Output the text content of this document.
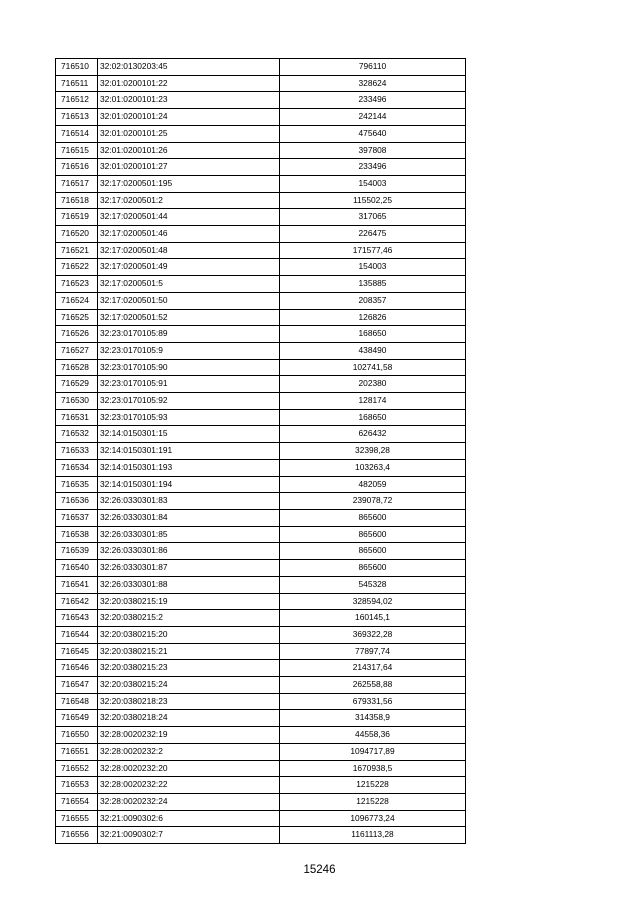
716510	32:02:0130203:45	796110
716511	32:01:0200101:22	328624
716512	32:01:0200101:23	233496
716513	32:01:0200101:24	242144
716514	32:01:0200101:25	475640
716515	32:01:0200101:26	397808
716516	32:01:0200101:27	233496
716517	32:17:0200501:195	154003
716518	32:17:0200501:2	115502,25
716519	32:17:0200501:44	317065
716520	32:17:0200501:46	226475
716521	32:17:0200501:48	171577,46
716522	32:17:0200501:49	154003
716523	32:17:0200501:5	135885
716524	32:17:0200501:50	208357
716525	32:17:0200501:52	126826
716526	32:23:0170105:89	168650
716527	32:23:0170105:9	438490
716528	32:23:0170105:90	102741,58
716529	32:23:0170105:91	202380
716530	32:23:0170105:92	128174
716531	32:23:0170105:93	168650
716532	32:14:0150301:15	626432
716533	32:14:0150301:191	32398,28
716534	32:14:0150301:193	103263,4
716535	32:14:0150301:194	482059
716536	32:26:0330301:83	239078,72
716537	32:26:0330301:84	865600
716538	32:26:0330301:85	865600
716539	32:26:0330301:86	865600
716540	32:26:0330301:87	865600
716541	32:26:0330301:88	545328
716542	32:20:0380215:19	328594,02
716543	32:20:0380215:2	160145,1
716544	32:20:0380215:20	369322,28
716545	32:20:0380215:21	77897,74
716546	32:20:0380215:23	214317,64
716547	32:20:0380215:24	262558,88
716548	32:20:0380218:23	679331,56
716549	32:20:0380218:24	314358,9
716550	32:28:0020232:19	44558,36
716551	32:28:0020232:2	1094717,89
716552	32:28:0020232:20	1670938,5
716553	32:28:0020232:22	1215228
716554	32:28:0020232:24	1215228
716555	32:21:0090302:6	1096773,24
716556	32:21:0090302:7	1161113,28
15246
